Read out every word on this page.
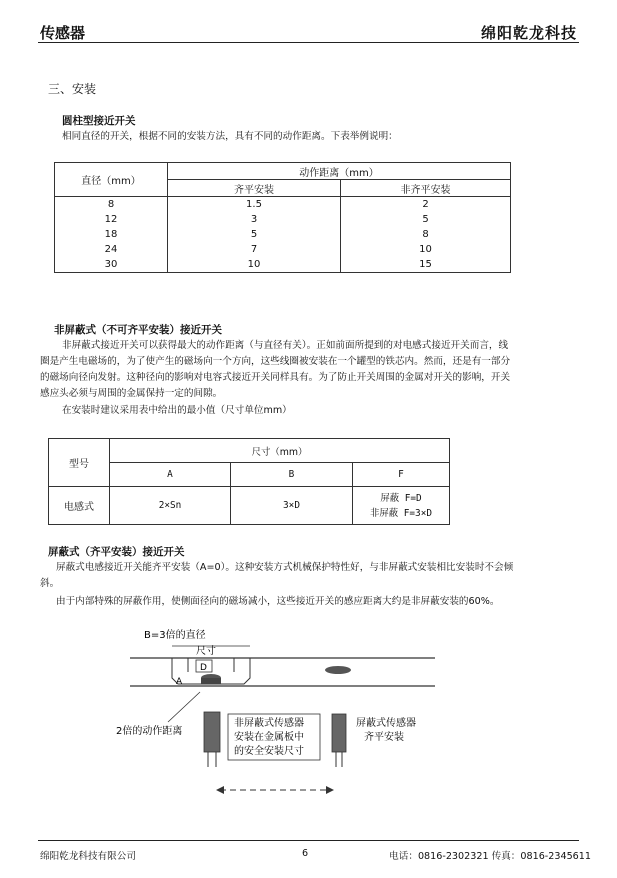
传感器	绵阳乾龙科技
三、安装
圆柱型接近开关
相同直径的开关，根据不同的安装方法，具有不同的动作距离。下表举例说明：
直径（mm）	动作距离（mm）	
	齐平安装	非齐平安装
8	1.5	2
12	3	5
18	5	8
24	7	10
30	10	15
非屏蔽式（不可齐平安装）接近开关
非屏蔽式接近开关可以获得最大的动作距离（与直径有关）。正如前面所提到的对电感式接近开关而言，线
圈是产生电磁场的，为了使产生的磁场向一个方向，这些线圈被安装在一个罐型的铁芯内。然而，还是有一部分
的磁场向径向发射。这种径向的影响对电容式接近开关同样具有。为了防止开关周围的金属对开关的影响，开关
感应头必须与周围的金属保持一定的间隙。
在安装时建议采用表中给出的最小值（尺寸单位mm）
型号	尺寸（mm）		
	A	B	F
电感式	2×Sn	3×D	屏蔽 F=D
非屏蔽 F=3×D
屏蔽式（齐平安装）接近开关
屏蔽式电感接近开关能齐平安装（A=0）。这种安装方式机械保护特性好，与非屏蔽式安装相比安装时不会倾
斜。
由于内部特殊的屏蔽作用，使侧面径向的磁场减小，这些接近开关的感应距离大约是非屏蔽安装的60%。
B=3倍的直径
尺寸
D
A
2倍的动作距离
非屏蔽式传感器
安装在金属板中
的安全安装尺寸
屏蔽式传感器
齐平安装
绵阳乾龙科技有限公司	6	电话：0816-2302321 传真：0816-2345611
